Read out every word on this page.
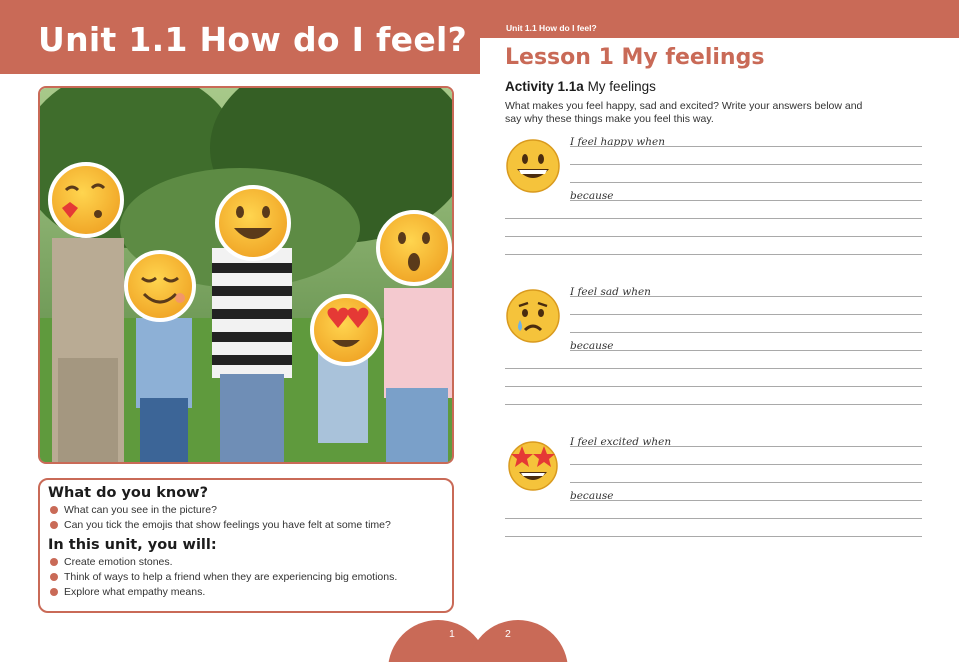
Unit 1.1 How do I feel?
What do you know?
What can you see in the picture?
Can you tick the emojis that show feelings you have felt at some time?
In this unit, you will:
Create emotion stones.
Think of ways to help a friend when they are experiencing big emotions.
Explore what empathy means.
Unit 1.1 How do I feel?
Lesson 1 My feelings
Activity 1.1a My feelings
What makes you feel happy, sad and excited? Write your answers below and say why these things make you feel this way.
I feel happy when
because
I feel sad when
because
I feel excited when
because
1	2
